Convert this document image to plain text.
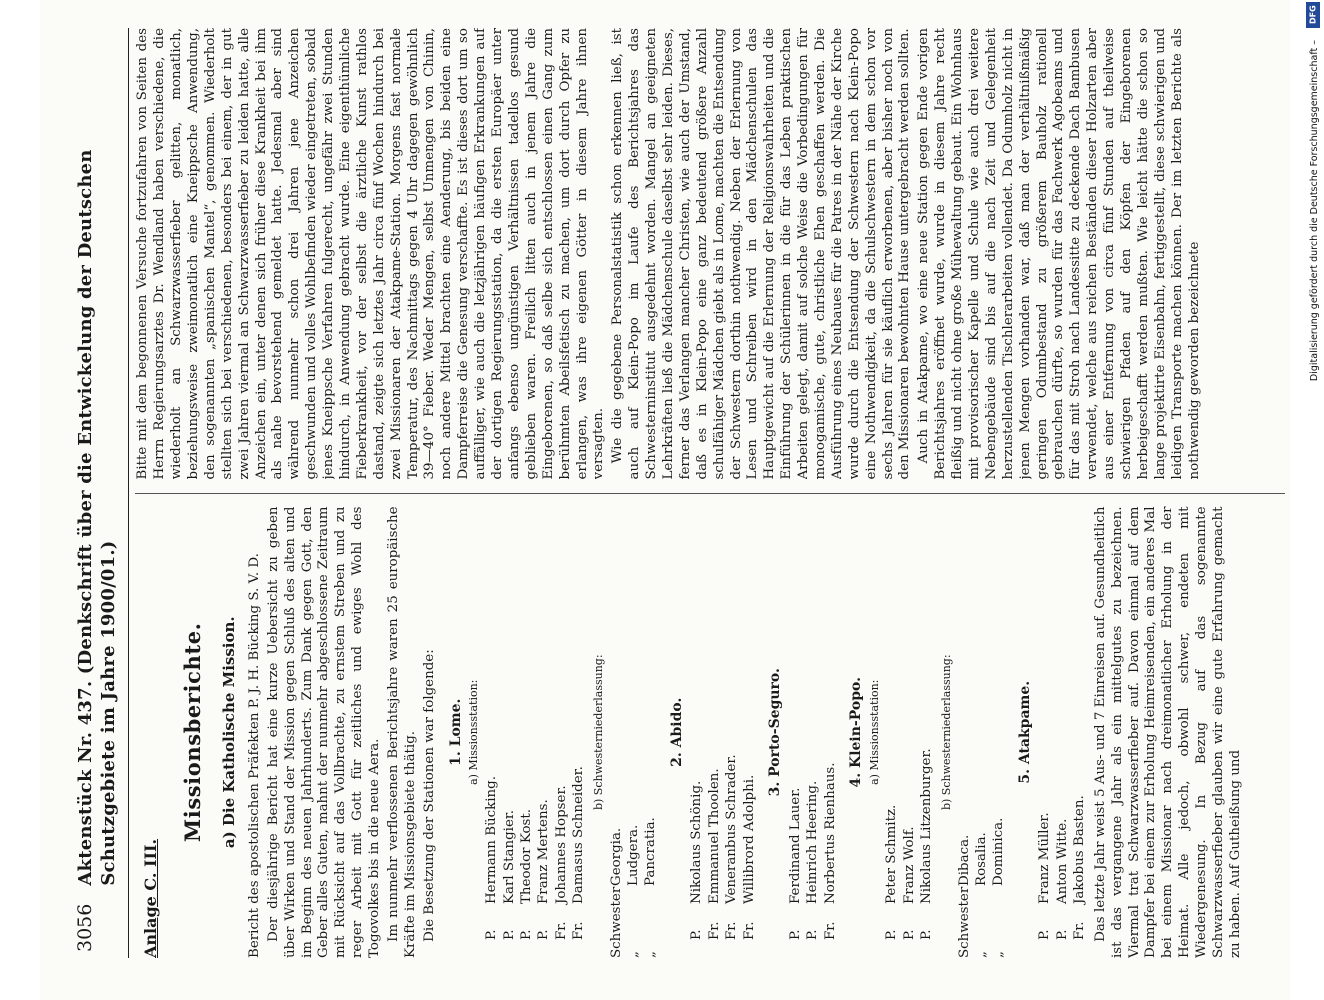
Digitalisierung gefördert durch die Deutsche Forschungsgemeinschaft –
DFG
3056
Aktenstück Nr. 437. (Denkschrift über die Entwickelung der Deutschen Schutzgebiete im Jahre 1900/01.)
Anlage C. III.
Missionsberichte. a) Die Katholische Mission. Bericht des apostolischen Präfekten P. J. H. Bücking S. V. D. Der diesjährige Bericht hat eine kurze Uebersicht zu geben über Wirken und Stand der Mission gegen Schluß des alten und im Beginn des neuen Jahrhunderts. Zum Dank gegen Gott, den Geber alles Guten, mahnt der nunmehr abgeschlossene Zeitraum mit Rücksicht auf das Vollbrachte, zu ernstem Streben und zu reger Arbeit mit Gott für zeitliches und ewiges Wohl des Togovolkes bis in die neue Aera. Im nunmehr verflossenen Berichtsjahre waren 25 europäische Kräfte im Missionsgebiete thätig. Die Besetzung der Stationen war folgende: 1. Lome. a) Missionsstation:
P.
Hermann Bücking.
P.
Karl Stangier.
P.
Theodor Kost.
P.
Franz Mertens.
Fr.
Johannes Hopser.
Fr.
Damasus Schneider.
b) Schwesterniederlassung:
Schwester
Georgia.
„
Ludgera.
„
Pancratia.
2. Abido.
P.
Nikolaus Schönig.
Fr.
Emmanuel Thoolen.
Fr.
Veneranbus Schrader.
Fr.
Willibrord Adolphi.
3. Porto-Seguro.
P.
Ferdinand Lauer.
P.
Heinrich Heering.
Fr.
Norbertus Rienhaus.
4. Klein-Popo. a) Missionsstation:
P.
Peter Schmitz.
P.
Franz Wolf.
P.
Nikolaus Litzenburger.
b) Schwesterniederlassung:
Schwester
Dibaca.
„
Rosalia.
„
Dominica.
5. Atakpame.
P.
Franz Müller.
P.
Anton Witte.
Fr.
Jakobus Basten. Das letzte Jahr weist 5 Aus- und 7 Einreisen auf. Gesundheitlich ist das vergangene Jahr als ein mittelgutes zu bezeichnen. Viermal trat Schwarzwasserfieber auf. Davon einmal auf dem Dampfer bei einem zur Erholung Heimreisenden, ein anderes Mal bei einem Missionar nach dreimonatlicher Erholung in der Heimat. Alle jedoch, obwohl schwer, endeten mit Wiedergenesung. In Bezug auf das sogenannte Schwarzwasserfieber glauben wir eine gute Erfahrung gemacht zu haben. Auf Gutheißung und

Bitte mit dem begonnenen Versuche fortzufahren von Seiten des Herrn Regierungsarztes Dr. Wendland haben verschiedene, die wiederholt an Schwarzwasserfieber gelitten, monatlich, beziehungsweise zweimonatlich eine Kneippsche Anwendung, den sogenannten „spanischen Mantel“, genommen. Wiederholt stellten sich bei verschiedenen, besonders bei einem, der in gut zwei Jahren viermal an Schwarzwasserfieber zu leiden hatte, alle Anzeichen ein, unter denen sich früher diese Krankheit bei ihm als nahe bevorstehend gemeldet hatte. Jedesmal aber sind während nunmehr schon drei Jahren jene Anzeichen geschwunden und volles Wohlbefinden wieder eingetreten, sobald jenes Kneippsche Verfahren fulgerecht, ungefähr zwei Stunden hindurch, in Anwendung gebracht wurde. Eine eigenthümliche Fieberkrankheit, vor der selbst die ärztliche Kunst rathlos dastand, zeigte sich letztes Jahr circa fünf Wochen hindurch bei zwei Missionaren der Atakpame-Station. Morgens fast normale Temperatur, des Nachmittags gegen 4 Uhr dagegen gewöhnlich 39—40° Fieber. Weder Mengen, selbst Unmengen von Chinin, noch andere Mittel brachten eine Aenderung, bis beiden eine Dampferreise die Genesung verschaffte. Es ist dieses dort um so auffälliger, wie auch die letzjährigen häufigen Erkrankungen auf der dortigen Regierungsstation, da die ersten Europäer unter anfangs ebenso ungünstigen Verhältnissen tadellos gesund geblieben waren. Freilich litten auch in jenem Jahre die Eingeborenen, so daß selbe sich entschlossen einen Gang zum berühmten Abeilsfetisch zu machen, um dort durch Opfer zu erlangen, was ihre eigenen Götter in diesem Jahre ihnen versagten. Wie die gegebene Personalstatistik schon erkennen ließ, ist auch auf Klein-Popo im Laufe des Berichtsjahres das Schwesterninstitut ausgedehnt worden. Mangel an geeigneten Lehrkräften ließ die Mädchenschule daselbst sehr leiden. Dieses, ferner das Verlangen mancher Christen, wie auch der Umstand, daß es in Klein-Popo eine ganz bedeutend größere Anzahl schulfähiger Mädchen giebt als in Lome, machten die Entsendung der Schwestern dorthin nothwendig. Neben der Erlernung von Lesen und Schreiben wird in den Mädchenschulen das Hauptgewicht auf die Erlernung der Religionswahrheiten und die Einführung der Schülerinnen in die für das Leben praktischen Arbeiten gelegt, damit auf solche Weise die Vorbedingungen für monogamische, gute, christliche Ehen geschaffen werden. Die Ausführung eines Neubaues für die Patres in der Nähe der Kirche wurde durch die Entsendung der Schwestern nach Klein-Popo eine Nothwendigkeit, da die Schulschwestern in dem schon vor sechs Jahren für sie käuflich erworbenen, aber bisher noch von den Missionaren bewohnten Hause untergebracht werden sollten. Auch in Atakpame, wo eine neue Station gegen Ende vorigen Berichtsjahres eröffnet wurde, wurde in diesem Jahre recht fleißig und nicht ohne große Mühewaltung gebaut. Ein Wohnhaus mit provisorischer Kapelle und Schule wie auch drei weitere Nebengebäude sind bis auf die nach Zeit und Gelegenheit herzustellenden Tischlerarbeiten vollendet. Da Odumholz nicht in jenen Mengen vorhanden war, daß man der verhältnißmäßig geringen Odumbestand zu größerem Bauholz rationell gebrauchen dürfte, so wurden für das Fachwerk Agobeams und für das mit Stroh nach Landessitte zu deckende Dach Bambusen verwendet, welche aus reichen Beständen dieser Holzarten aber aus einer Entfernung von circa fünf Stunden auf theilweise schwierigen Pfaden auf den Köpfen der Eingeborenen herbeigeschafft werden mußten. Wie leicht hätte die schon so lange projektirte Eisenbahn, fertiggestellt, diese schwierigen und leidigen Transporte machen können. Der im letzten Berichte als nothwendig geworden bezeichnete
